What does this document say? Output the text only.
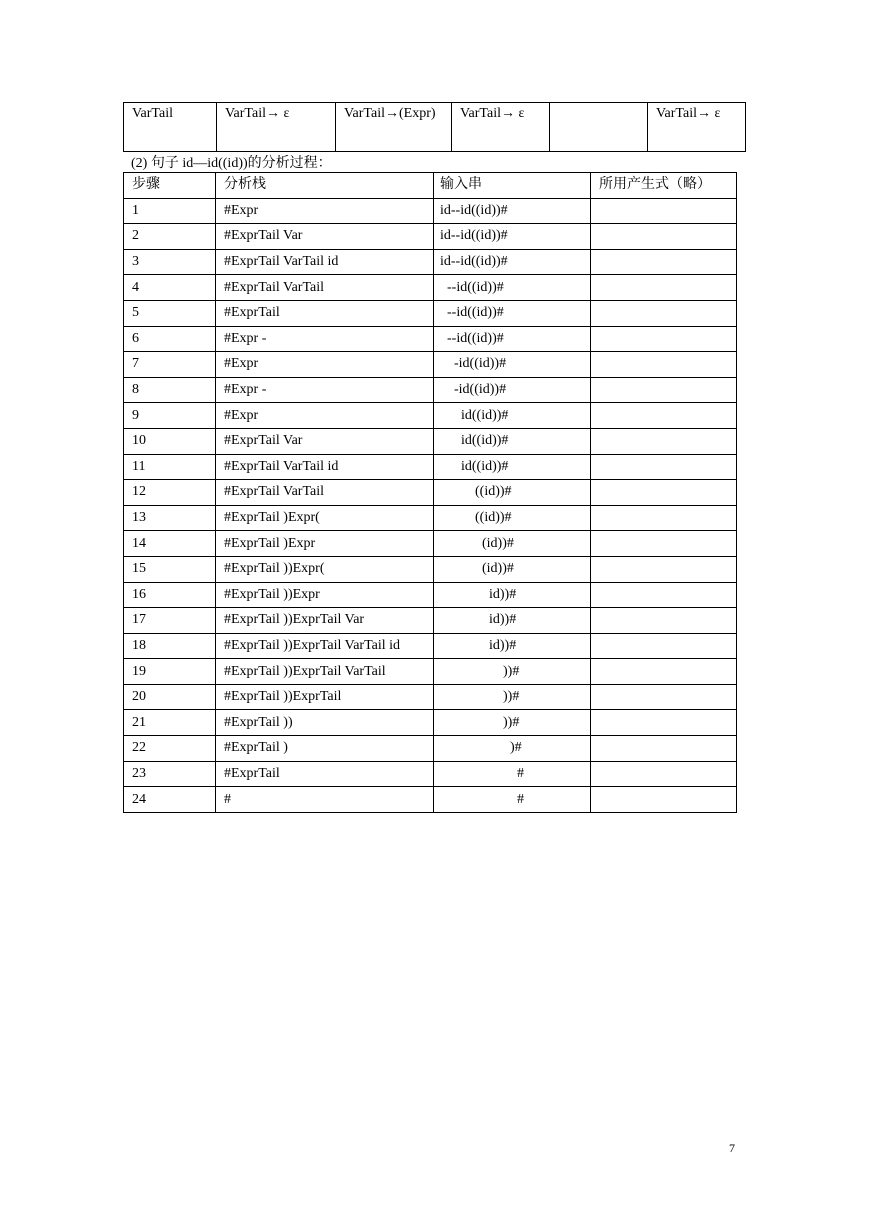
VarTail	VarTail→ ε	VarTail→(Expr)	VarTail→ ε		VarTail→ ε
(2) 句子 id—id((id))的分析过程：
步骤	分析栈	输入串	所用产生式（略）
1	#Expr	id--id((id))#	
2	#ExprTail Var	id--id((id))#	
3	#ExprTail VarTail id	id--id((id))#	
4	#ExprTail VarTail	--id((id))#	
5	#ExprTail	--id((id))#	
6	#Expr -	--id((id))#	
7	#Expr	-id((id))#	
8	#Expr -	-id((id))#	
9	#Expr	id((id))#	
10	#ExprTail Var	id((id))#	
11	#ExprTail VarTail id	id((id))#	
12	#ExprTail VarTail	((id))#	
13	#ExprTail )Expr(	((id))#	
14	#ExprTail )Expr	(id))#	
15	#ExprTail ))Expr(	(id))#	
16	#ExprTail ))Expr	id))#	
17	#ExprTail ))ExprTail Var	id))#	
18	#ExprTail ))ExprTail VarTail id	id))#	
19	#ExprTail ))ExprTail VarTail	))#	
20	#ExprTail ))ExprTail	))#	
21	#ExprTail ))	))#	
22	#ExprTail )	)#	
23	#ExprTail	#	
24	#	#	
7
